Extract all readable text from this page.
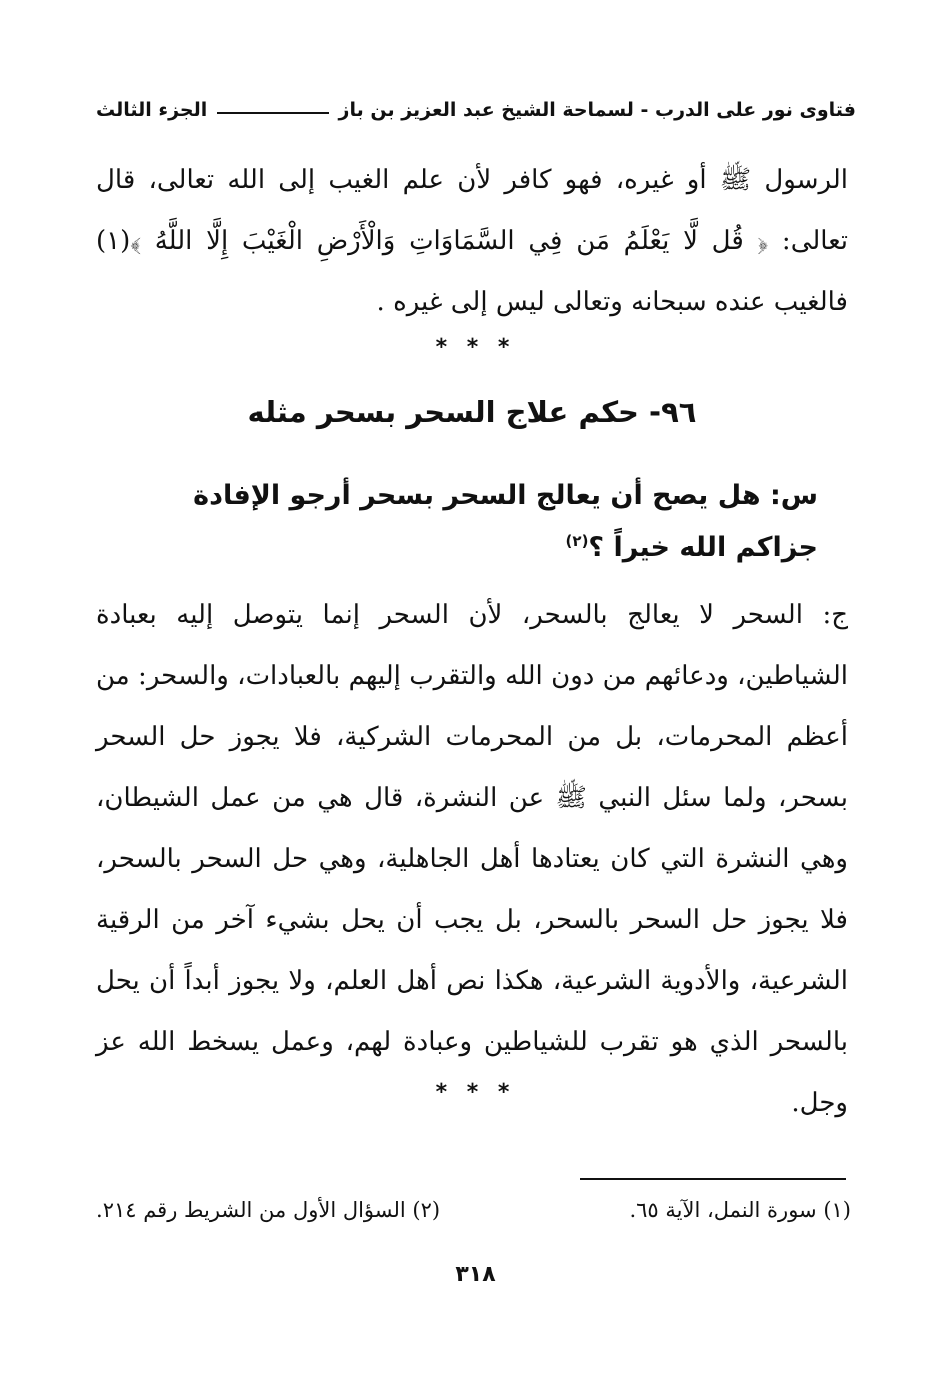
فتاوى نور على الدرب - لسماحة الشيخ عبد العزيز بن باز
الجزء الثالث

الرسول ﷺ أو غيره، فهو كافر لأن علم الغيب إلى الله تعالى، قال تعالى: ﴿ قُل لَّا يَعْلَمُ مَن فِي السَّمَاوَاتِ وَالْأَرْضِ الْغَيْبَ إِلَّا اللَّهُ ﴾(١) فالغيب عنده سبحانه وتعالى ليس إلى غيره .

* * *
٩٦- حكم علاج السحر بسحر مثله

س: هل يصح أن يعالج السحر بسحر أرجو الإفادة جزاكم الله خيراً ؟$^{(٢)}$

ج: السحر لا يعالج بالسحر، لأن السحر إنما يتوصل إليه بعبادة الشياطين، ودعائهم من دون الله والتقرب إليهم بالعبادات، والسحر: من أعظم المحرمات، بل من المحرمات الشركية، فلا يجوز حل السحر بسحر، ولما سئل النبي ﷺ عن النشرة، قال هي من عمل الشيطان، وهي النشرة التي كان يعتادها أهل الجاهلية، وهي حل السحر بالسحر، فلا يجوز حل السحر بالسحر، بل يجب أن يحل بشيء آخر من الرقية الشرعية، والأدوية الشرعية، هكذا نص أهل العلم، ولا يجوز أبداً أن يحل بالسحر الذي هو تقرب للشياطين وعبادة لهم، وعمل يسخط الله عز وجل.

* * *
(١) سورة النمل، الآية ٦٥.
(٢) السؤال الأول من الشريط رقم ٢١٤.
٣١٨
